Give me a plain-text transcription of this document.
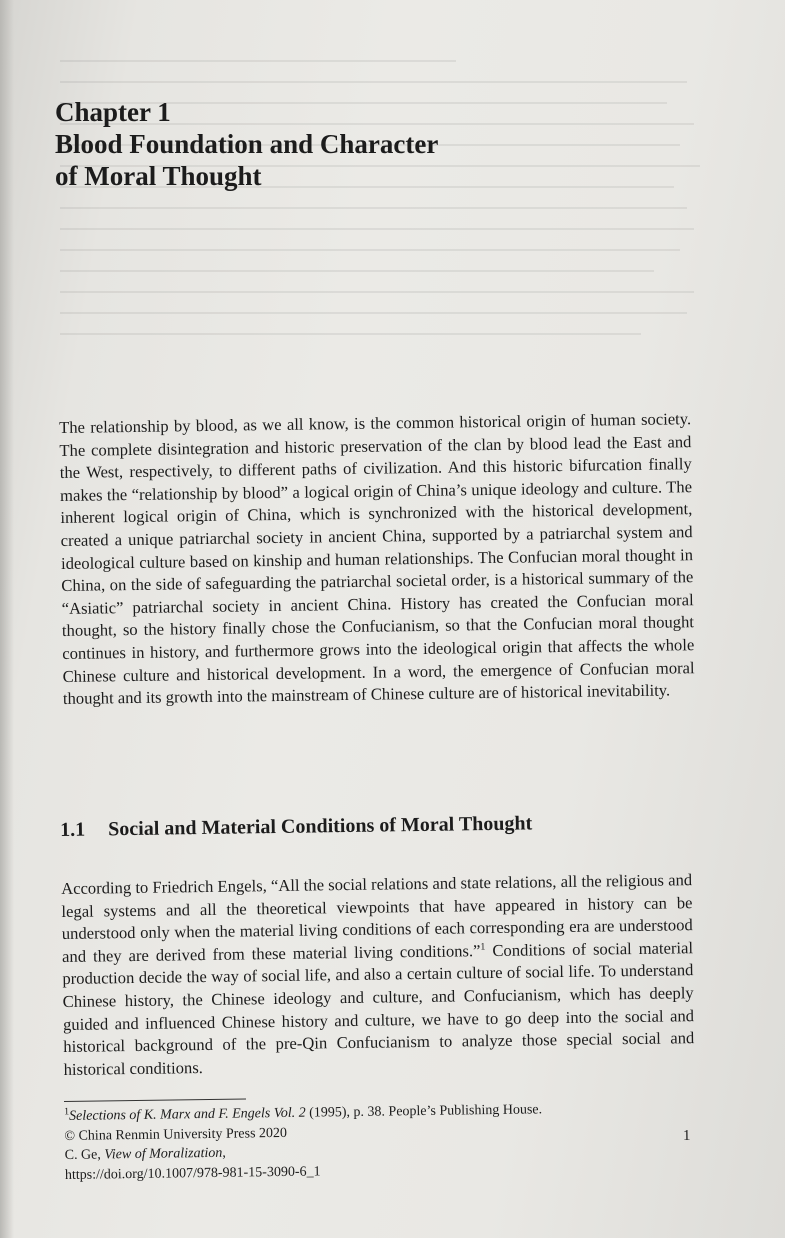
Chapter 1
Blood Foundation and Character
of Moral Thought

The relationship by blood, as we all know, is the common historical origin of human society. The complete disintegration and historic preservation of the clan by blood lead the East and the West, respectively, to different paths of civilization. And this historic bifurcation finally makes the “relationship by blood” a logical origin of China’s unique ideology and culture. The inherent logical origin of China, which is synchronized with the historical development, created a unique patriarchal society in ancient China, supported by a patriarchal system and ideological culture based on kinship and human relationships. The Confucian moral thought in China, on the side of safeguarding the patriarchal societal order, is a historical summary of the “Asiatic” patriarchal society in ancient China. History has created the Confucian moral thought, so the history finally chose the Confucianism, so that the Confucian moral thought continues in history, and furthermore grows into the ideological origin that affects the whole Chinese culture and historical development. In a word, the emergence of Confucian moral thought and its growth into the mainstream of Chinese culture are of historical inevitability.

1.1 Social and Material Conditions of Moral Thought

According to Friedrich Engels, “All the social relations and state relations, all the religious and legal systems and all the theoretical viewpoints that have appeared in history can be understood only when the material living conditions of each corresponding era are understood and they are derived from these material living conditions.”$^1$ Conditions of social material production decide the way of social life, and also a certain culture of social life. To understand Chinese history, the Chinese ideology and culture, and Confucianism, which has deeply guided and influenced Chinese history and culture, we have to go deep into the social and historical background of the pre-Qin Confucianism to analyze those special social and historical conditions.

$^1$Selections of K. Marx and F. Engels Vol. 2 (1995), p. 38. People’s Publishing House.
© China Renmin University Press 2020
C. Ge, View of Moralization,
https://doi.org/10.1007/978-981-15-3090-6_1
1
